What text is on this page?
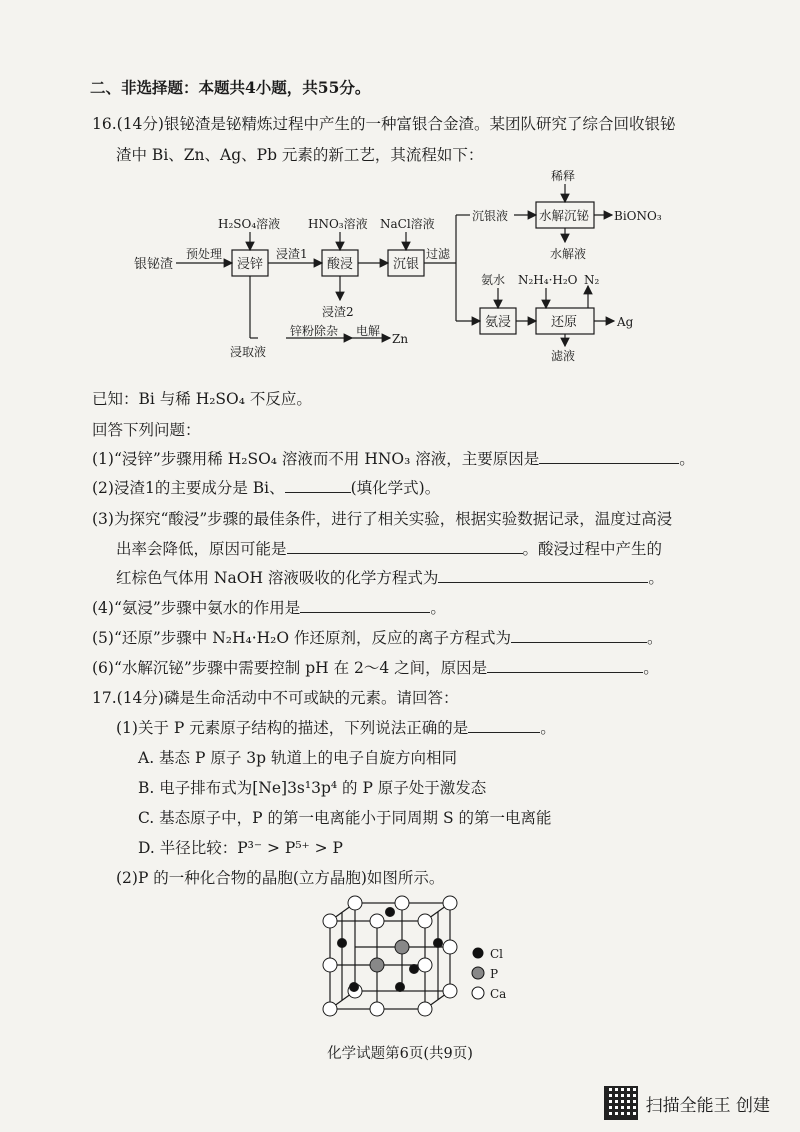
二、非选择题：本题共4小题，共55分。
16.(14分)银铋渣是铋精炼过程中产生的一种富银合金渣。某团队研究了综合回收银铋
渣中 Bi、Zn、Ag、Pb 元素的新工艺，其流程如下：
银铋渣
预处理
浸锌	酸浸	沉银
水解沉铋
氨浸	还原
H₂SO₄溶液 HNO₃溶液 NaCl溶液
稀释
氨水 N₂H₄·H₂O N₂
浸渣1
浸渣2
过滤
沉银液	BiONO₃
水解液
Ag
滤液
浸取液
锌粉除杂 电解
Zn
已知：Bi 与稀 H₂SO₄ 不反应。
回答下列问题：
(1)“浸锌”步骤用稀 H₂SO₄ 溶液而不用 HNO₃ 溶液，主要原因是	。
(2)浸渣1的主要成分是 Bi、	(填化学式)。
(3)为探究“酸浸”步骤的最佳条件，进行了相关实验，根据实验数据记录，温度过高浸
出率会降低，原因可能是	。酸浸过程中产生的
红棕色气体用 NaOH 溶液吸收的化学方程式为	。
(4)“氨浸”步骤中氨水的作用是	。
(5)“还原”步骤中 N₂H₄·H₂O 作还原剂，反应的离子方程式为	。
(6)“水解沉铋”步骤中需要控制 pH 在 2～4 之间，原因是	。
17.(14分)磷是生命活动中不可或缺的元素。请回答：
(1)关于 P 元素原子结构的描述，下列说法正确的是	。
A. 基态 P 原子 3p 轨道上的电子自旋方向相同
B. 电子排布式为[Ne]3s¹3p⁴ 的 P 原子处于激发态
C. 基态原子中，P 的第一电离能小于同周期 S 的第一电离能
D. 半径比较：P³⁻ > P⁵⁺ > P
(2)P 的一种化合物的晶胞(立方晶胞)如图所示。
Cl
P
Ca
化学试题第6页(共9页)
扫描全能王 创建
